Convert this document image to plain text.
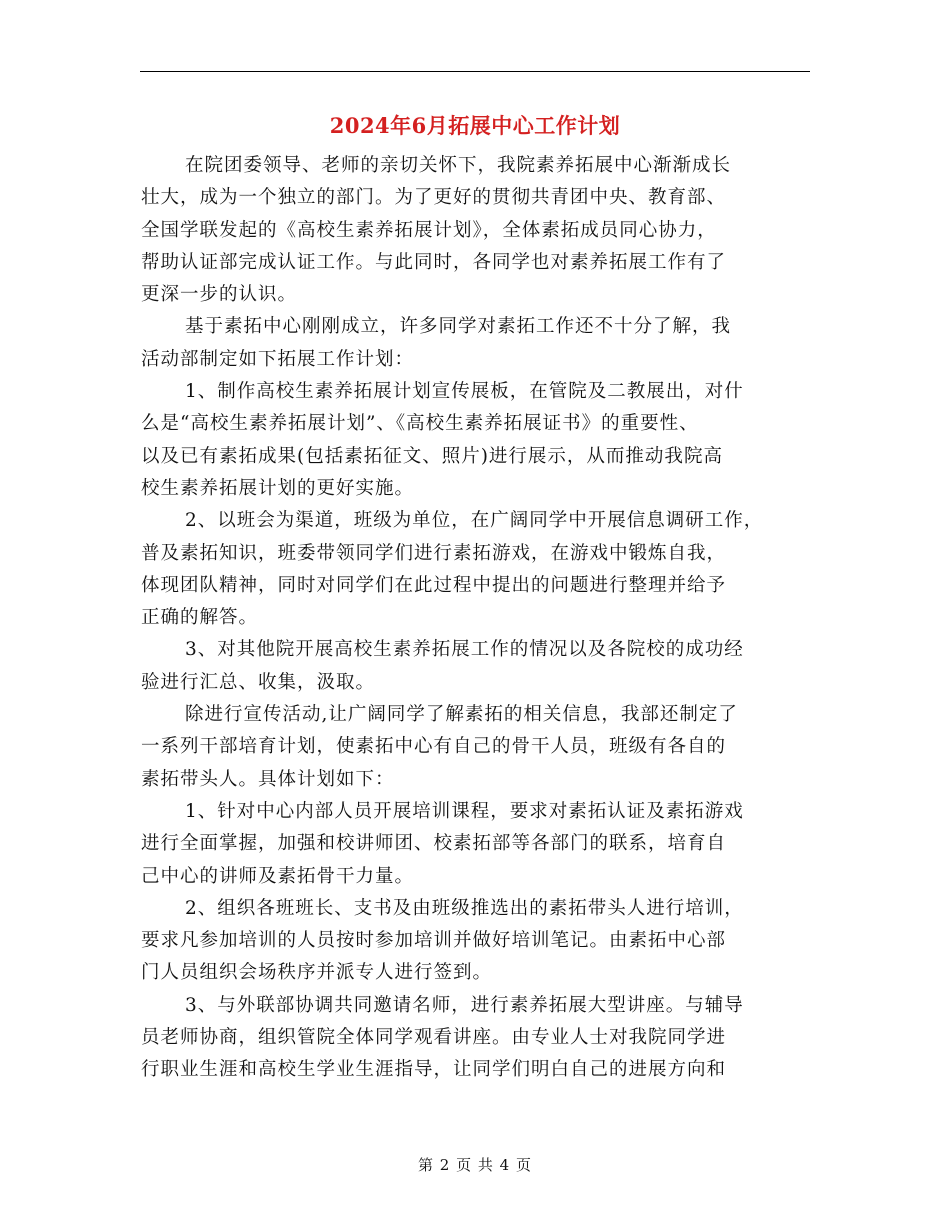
2024年6月拓展中心工作计划
在院团委领导、老师的亲切关怀下，我院素养拓展中心渐渐成长
壮大，成为一个独立的部门。为了更好的贯彻共青团中央、教育部、
全国学联发起的《高校生素养拓展计划》，全体素拓成员同心协力，
帮助认证部完成认证工作。与此同时，各同学也对素养拓展工作有了
更深一步的认识。
基于素拓中心刚刚成立，许多同学对素拓工作还不十分了解，我
活动部制定如下拓展工作计划：
1、制作高校生素养拓展计划宣传展板，在管院及二教展出，对什
么是“高校生素养拓展计划”、《高校生素养拓展证书》的重要性、
以及已有素拓成果(包括素拓征文、照片)进行展示，从而推动我院高
校生素养拓展计划的更好实施。
2、以班会为渠道，班级为单位，在广阔同学中开展信息调研工作，
普及素拓知识，班委带领同学们进行素拓游戏，在游戏中锻炼自我，
体现团队精神，同时对同学们在此过程中提出的问题进行整理并给予
正确的解答。
3、对其他院开展高校生素养拓展工作的情况以及各院校的成功经
验进行汇总、收集，汲取。
除进行宣传活动,让广阔同学了解素拓的相关信息，我部还制定了
一系列干部培育计划，使素拓中心有自己的骨干人员，班级有各自的
素拓带头人。具体计划如下：
1、针对中心内部人员开展培训课程，要求对素拓认证及素拓游戏
进行全面掌握，加强和校讲师团、校素拓部等各部门的联系，培育自
己中心的讲师及素拓骨干力量。
2、组织各班班长、支书及由班级推选出的素拓带头人进行培训，
要求凡参加培训的人员按时参加培训并做好培训笔记。由素拓中心部
门人员组织会场秩序并派专人进行签到。
3、与外联部协调共同邀请名师，进行素养拓展大型讲座。与辅导
员老师协商，组织管院全体同学观看讲座。由专业人士对我院同学进
行职业生涯和高校生学业生涯指导，让同学们明白自己的进展方向和
第 2 页 共 4 页
